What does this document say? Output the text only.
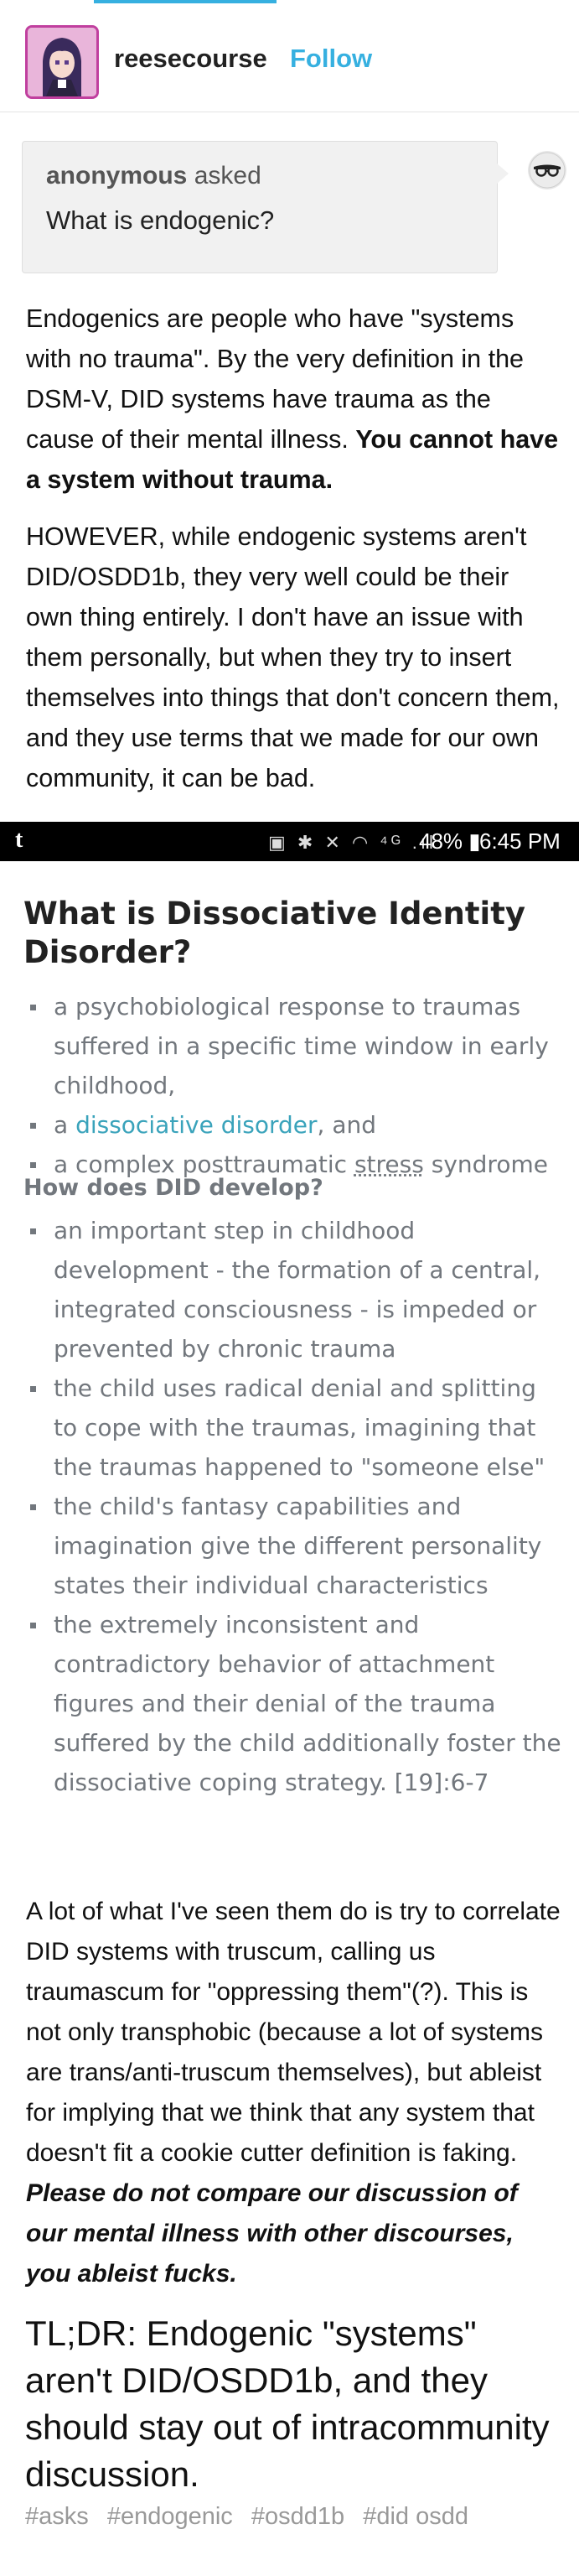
reesecourse Follow
anonymous asked
What is endogenic?
Endogenics are people who have "systems with no trauma". By the very definition in the DSM-V, DID systems have trauma as the cause of their mental illness. You cannot have a system without trauma.
HOWEVER, while endogenic systems aren't DID/OSDD1b, they very well could be their own thing entirely. I don't have an issue with them personally, but when they try to insert themselves into things that don't concern them, and they use terms that we made for our own community, it can be bad.
t	▣ ✱ ✕ ◠ ⁴ᴳ .ıl
48% ▮
6:45 PM
What is Dissociative Identity Disorder?
a psychobiological response to traumas suffered in a specific time window in early childhood,
a dissociative disorder, and
a complex posttraumatic stress syndrome
How does DID develop?
an important step in childhood development - the formation of a central, integrated consciousness - is impeded or prevented by chronic trauma
the child uses radical denial and splitting to cope with the traumas, imagining that the traumas happened to "someone else"
the child's fantasy capabilities and imagination give the different personality states their individual characteristics
the extremely inconsistent and contradictory behavior of attachment figures and their denial of the trauma suffered by the child additionally foster the dissociative coping strategy. [19]:6-7
A lot of what I've seen them do is try to correlate DID systems with truscum, calling us traumascum for "oppressing them"(?). This is not only transphobic (because a lot of systems are trans/anti-truscum themselves), but ableist for implying that we think that any system that doesn't fit a cookie cutter definition is faking. Please do not compare our discussion of our mental illness with other discourses, you ableist fucks.
TL;DR: Endogenic "systems" aren't DID/OSDD1b, and they should stay out of intracommunity discussion.
#asks #endogenic #osdd1b #did osdd
